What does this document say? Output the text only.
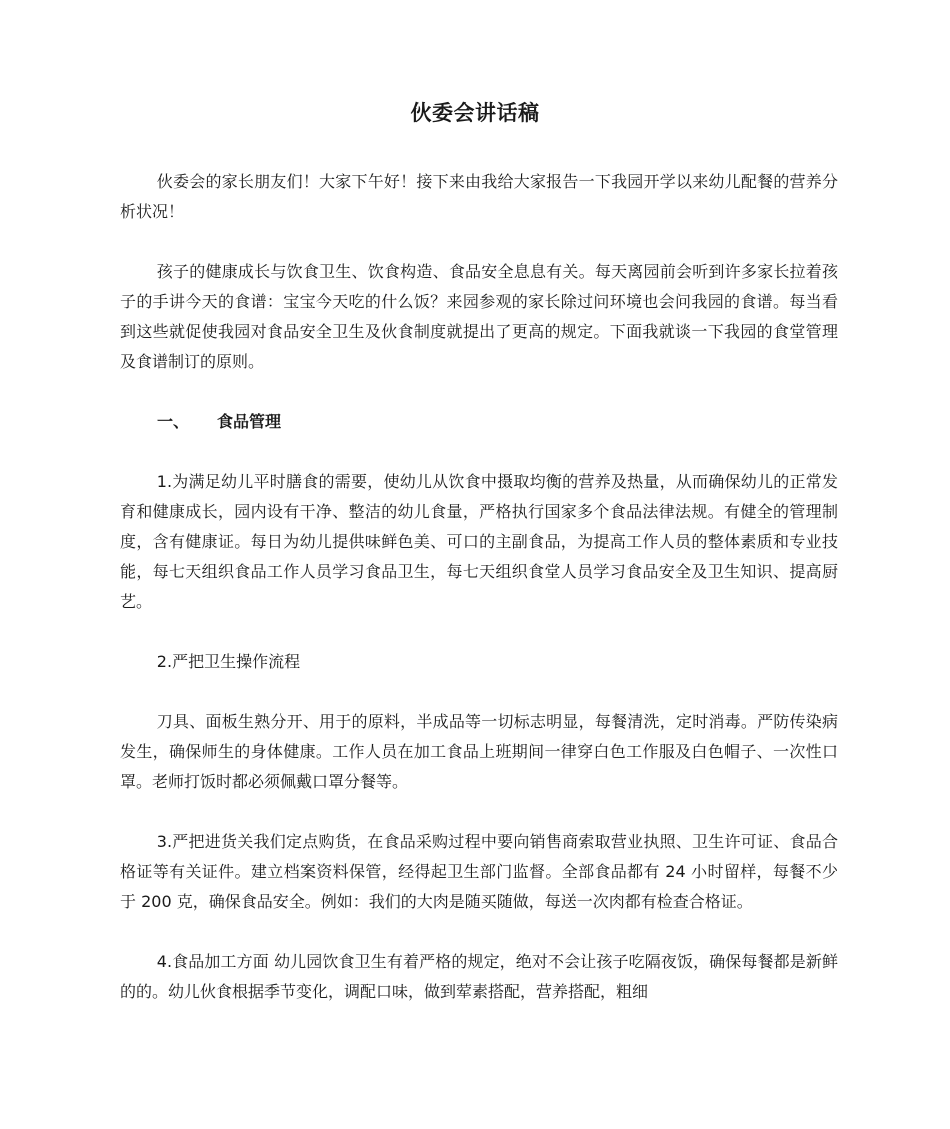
伙委会讲话稿

伙委会的家长朋友们！大家下午好！接下来由我给大家报告一下我园开学以来幼儿配餐的营养分析状况！

孩子的健康成长与饮食卫生、饮食构造、食品安全息息有关。每天离园前会听到许多家长拉着孩子的手讲今天的食谱：宝宝今天吃的什么饭？来园参观的家长除过问环境也会问我园的食谱。每当看到这些就促使我园对食品安全卫生及伙食制度就提出了更高的规定。下面我就谈一下我园的食堂管理及食谱制订的原则。

一、 食品管理

1.为满足幼儿平时膳食的需要，使幼儿从饮食中摄取均衡的营养及热量，从而确保幼儿的正常发育和健康成长，园内设有干净、整洁的幼儿食量，严格执行国家多个食品法律法规。有健全的管理制度，含有健康证。每日为幼儿提供味鲜色美、可口的主副食品，为提高工作人员的整体素质和专业技能，每七天组织食品工作人员学习食品卫生，每七天组织食堂人员学习食品安全及卫生知识、提高厨艺。

2.严把卫生操作流程

刀具、面板生熟分开、用于的原料，半成品等一切标志明显，每餐清洗，定时消毒。严防传染病发生，确保师生的身体健康。工作人员在加工食品上班期间一律穿白色工作服及白色帽子、一次性口罩。老师打饭时都必须佩戴口罩分餐等。

3.严把进货关我们定点购货，在食品采购过程中要向销售商索取营业执照、卫生许可证、食品合格证等有关证件。建立档案资料保管，经得起卫生部门监督。全部食品都有 24 小时留样，每餐不少于 200 克，确保食品安全。例如：我们的大肉是随买随做，每送一次肉都有检查合格证。

4.食品加工方面 幼儿园饮食卫生有着严格的规定，绝对不会让孩子吃隔夜饭，确保每餐都是新鲜的的。幼儿伙食根据季节变化，调配口味，做到荤素搭配，营养搭配，粗细
